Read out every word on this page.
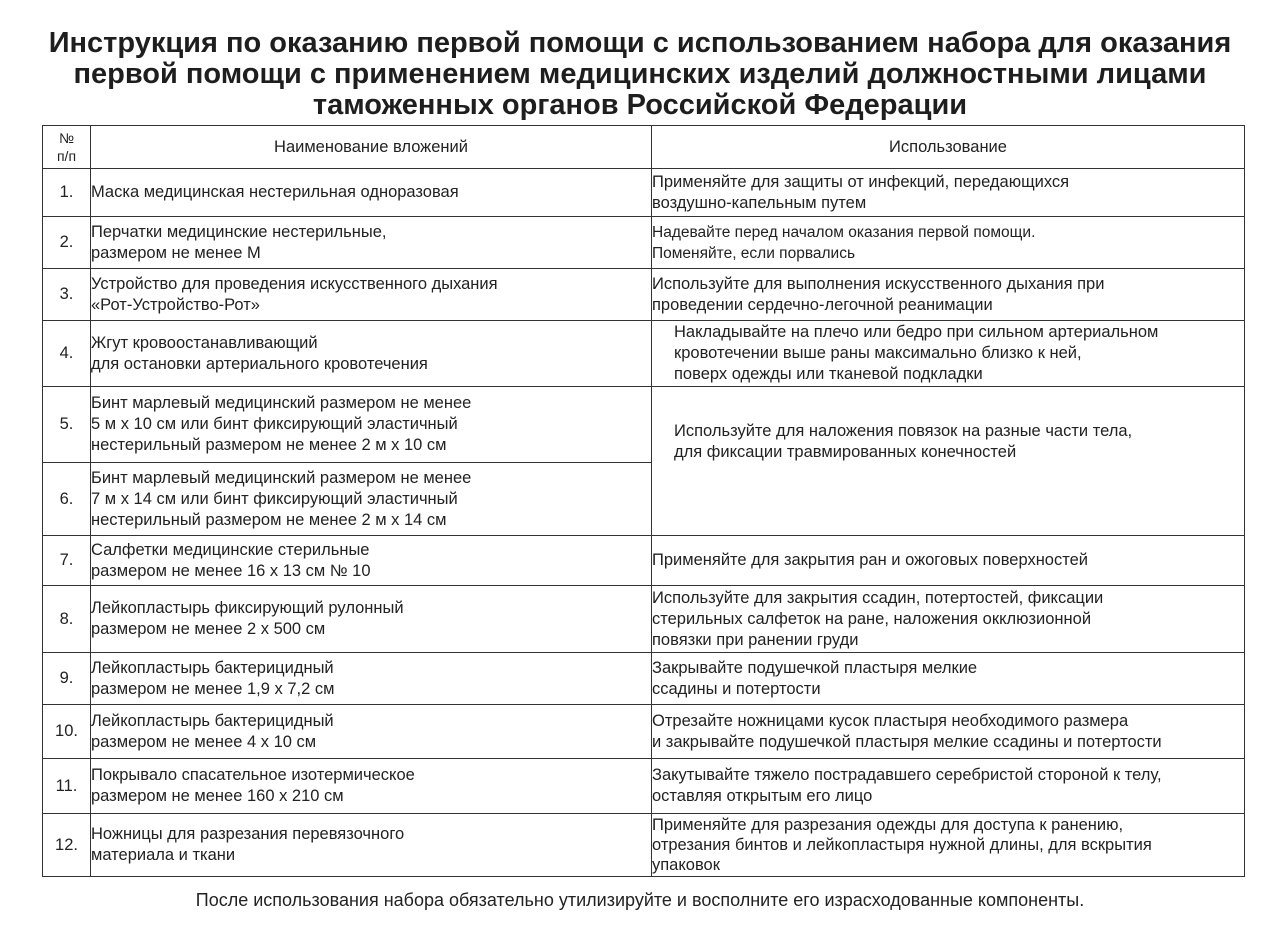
Инструкция по оказанию первой помощи с использованием набора для оказания
первой помощи с применением медицинских изделий должностными лицами
таможенных органов Российской Федерации
№
п/п	Наименование вложений	Использование
1.	Маска медицинская нестерильная одноразовая	Применяйте для защиты от инфекций, передающихся
воздушно-капельным путем

2.	Перчатки медицинские нестерильные,
размером не менее М	Надевайте перед началом оказания первой помощи.
Поменяйте, если порвались

3.	Устройство для проведения искусственного дыхания
«Рот-Устройство-Рот»	Используйте для выполнения искусственного дыхания при
проведении сердечно-легочной реанимации

4.	Жгут кровоостанавливающий
для остановки артериального кровотечения	Накладывайте на плечо или бедро при сильном артериальном
кровотечении выше раны максимально близко к ней,
поверх одежды или тканевой подкладки

5.	Бинт марлевый медицинский размером не менее
5 м х 10 см или бинт фиксирующий эластичный
нестерильный размером не менее 2 м х 10 см	Используйте для наложения повязок на разные части тела,
для фиксации травмированных конечностей

6.	Бинт марлевый медицинский размером не менее
7 м х 14 см или бинт фиксирующий эластичный
нестерильный размером не менее 2 м х 14 см	

7.	Салфетки медицинские стерильные
размером не менее 16 х 13 см № 10	Применяйте для закрытия ран и ожоговых поверхностей

8.	Лейкопластырь фиксирующий рулонный
размером не менее 2 х 500 см	Используйте для закрытия ссадин, потертостей, фиксации
стерильных салфеток на ране, наложения окклюзионной
повязки при ранении груди

9.	Лейкопластырь бактерицидный
размером не менее 1,9 х 7,2 см	Закрывайте подушечкой пластыря мелкие
ссадины и потертости

10.	Лейкопластырь бактерицидный
размером не менее 4 х 10 см	Отрезайте ножницами кусок пластыря необходимого размера
и закрывайте подушечкой пластыря мелкие ссадины и потертости

11.	Покрывало спасательное изотермическое
размером не менее 160 х 210 см	Закутывайте тяжело пострадавшего серебристой стороной к телу,
оставляя открытым его лицо

12.	Ножницы для разрезания перевязочного
материала и ткани	Применяйте для разрезания одежды для доступа к ранению,
отрезания бинтов и лейкопластыря нужной длины, для вскрытия
упаковок
После использования набора обязательно утилизируйте и восполните его израсходованные компоненты.
